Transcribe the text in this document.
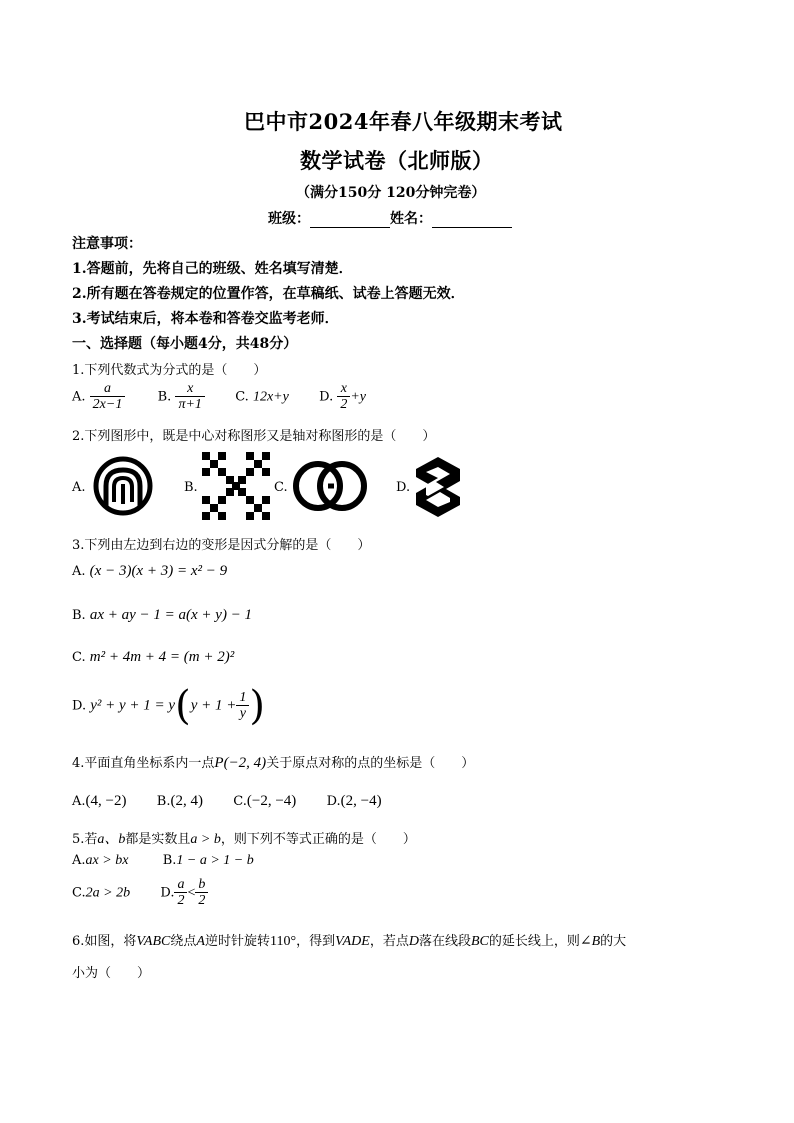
巴中市2024年春八年级期末考试
数学试卷（北师版）
（满分150分 120分钟完卷）
班级：	姓名：
注意事项：
1.答题前，先将自己的班级、姓名填写清楚．
2.所有题在答卷规定的位置作答，在草稿纸、试卷上答题无效．
3.考试结束后，将本卷和答卷交监考老师．
一、选择题（每小题4分，共48分）
1.下列代数式为分式的是（　　）
A. $\frac{a}{2x-1} B$. $\frac{x}{\pi+1} C$. 12x+y D. $\frac{x}{2} +y$
2.下列图形中，既是中心对称图形又是轴对称图形的是（　　）
A.	B.	C.	D.
3.下列由左边到右边的变形是因式分解的是（　　）
A. (x − 3)(x + 3) = x² − 9
B. ax + ay − 1 = a(x + y) − 1
C. m² + 4m + 4 = (m + 2)²
D. $y^2 + y + 1 = y(y + 1 + \frac{1}{y}$ )
4.平面直角坐标系内一点P(−2, 4)关于原点对称的点的坐标是（　　）
A.(4, −2) B.(2, 4) C.(−2, −4) D.(2, −4)
5.若a、b都是实数且a > b，则下列不等式正确的是（　　）
A.ax > bx	B.1 − a > 1 − b
C.2a > 2b D. $\frac{a}{2} < \frac{b}{2}$
6.如图，将VABC绕点A逆时针旋转110°，得到VADE，若点D落在线段BC的延长线上，则∠B的大
小为（　　）
